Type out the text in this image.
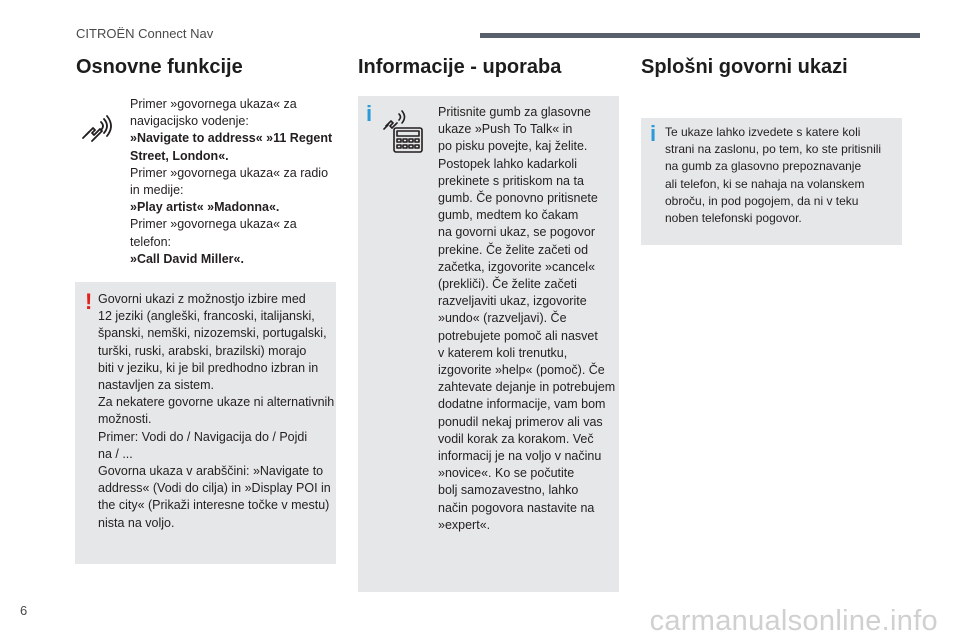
CITROËN Connect Nav
Osnovne funkcije
Primer »govornega ukaza« za
navigacijsko vodenje:
»Navigate to address« »11 Regent
Street, London«.
Primer »govornega ukaza« za radio
in medije:
»Play artist« »Madonna«.
Primer »govornega ukaza« za
telefon:
»Call David Miller«.
! Govorni ukazi z možnostjo izbire med
12 jeziki (angleški, francoski, italijanski,
španski, nemški, nizozemski, portugalski,
turški, ruski, arabski, brazilski) morajo
biti v jeziku, ki je bil predhodno izbran in
nastavljen za sistem.
Za nekatere govorne ukaze ni alternativnih
možnosti.
Primer: Vodi do / Navigacija do / Pojdi
na / ...
Govorna ukaza v arabščini: »Navigate to
address« (Vodi do cilja) in »Display POI in
the city« (Prikaži interesne točke v mestu)
nista na voljo.
Informacije - uporaba
i	Pritisnite gumb za glasovne
ukaze »Push To Talk« in
po pisku povejte, kaj želite.
Postopek lahko kadarkoli
prekinete s pritiskom na ta
gumb. Če ponovno pritisnete
gumb, medtem ko čakam
na govorni ukaz, se pogovor
prekine. Če želite začeti od
začetka, izgovorite »cancel«
(prekliči). Če želite začeti
razveljaviti ukaz, izgovorite
»undo« (razveljavi). Če
potrebujete pomoč ali nasvet
v katerem koli trenutku,
izgovorite »help« (pomoč). Če
zahtevate dejanje in potrebujem
dodatne informacije, vam bom
ponudil nekaj primerov ali vas
vodil korak za korakom. Več
informacij je na voljo v načinu
»novice«. Ko se počutite
bolj samozavestno, lahko
način pogovora nastavite na
»expert«.
Splošni govorni ukazi
i Te ukaze lahko izvedete s katere koli
strani na zaslonu, po tem, ko ste pritisnili
na gumb za glasovno prepoznavanje
ali telefon, ki se nahaja na volanskem
obroču, in pod pogojem, da ni v teku
noben telefonski pogovor.
6	carmanualsonline.info
